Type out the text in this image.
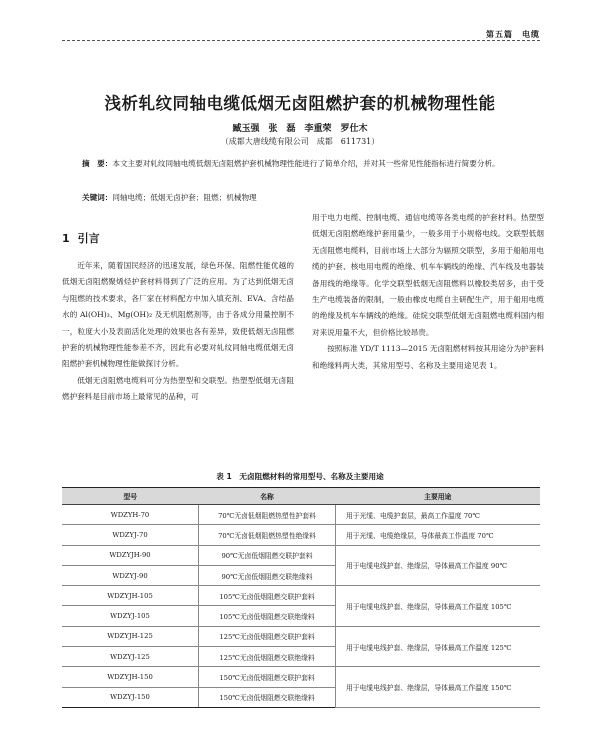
第五篇　电缆
浅析轧纹同轴电缆低烟无卤阻燃护套的机械物理性能
臧玉强　张　磊　李重荣　罗仕木
（成都大唐线缆有限公司　成都　611731）
摘　要：本文主要对轧纹同轴电缆低烟无卤阻燃护套机械物理性能进行了简单介绍，并对其一些常见性能指标进行简要分析。
关键词：同轴电缆；低烟无卤护套；阻燃；机械物理
1 引言

近年来，随着国民经济的迅速发展，绿色环保、阻燃性能优越的低烟无卤阻燃聚烯烃护套材料得到了广泛的应用。为了达到低烟无卤与阻燃的技术要求，各厂家在材料配方中加入填充剂、EVA、含结晶水的 Al(OH)₃、Mg(OH)₂ 及无机阻燃剂等，由于各成分用量控制不一，粒度大小及表面活化处理的效果也各有差异，致使低烟无卤阻燃护套的机械物理性能参差不齐，因此有必要对轧纹同轴电缆低烟无卤阻燃护套机械物理性能做探讨分析。

低烟无卤阻燃电缆料可分为热塑型和交联型。热塑型低烟无卤阻燃护套料是目前市场上最常见的品种，可

用于电力电缆、控制电缆、通信电缆等各类电缆的护套材料。热塑型低烟无卤阻燃绝缘护套用量少，一般多用于小规格电线。交联型低烟无卤阻燃电缆料，目前市场上大部分为辐照交联型，多用于船舶用电缆的护套、核电用电缆的绝缘、机车车辆线的绝缘、汽车线及电器装备用线的绝缘等。化学交联型低烟无卤阻燃料以橡胶类居多，由于受生产电缆装备的限制，一般由橡皮电缆自主研配生产，用于船用电缆的绝缘及机车车辆线的绝缘。硅烷交联型低烟无卤阻燃电缆料国内相对来说用量不大，但价格比较昂贵。

按照标准 YD/T 1113—2015 无卤阻燃材料按其用途分为护套料和绝缘料两大类，其常用型号、名称及主要用途见表 1。

表 1　无卤阻燃材料的常用型号、名称及主要用途
型号	名称	主要用途
WDZYH-70	70℃无卤低烟阻燃热塑性护套料	用于光缆、电缆护套层，最高工作温度 70℃
WDZYJ-70	70℃无卤低烟阻燃热塑性绝缘料	用于光缆、电缆绝缘层，导体最高工作温度 70℃
WDZYJH-90	90℃无卤低烟阻燃交联护套料	用于电缆电线护套、绝缘层，导体最高工作温度 90℃
WDZYJ-90	90℃无卤低烟阻燃交联绝缘料	
WDZYJH-105	105℃无卤低烟阻燃交联护套料	用于电缆电线护套、绝缘层，导体最高工作温度 105℃
WDZYJ-105	105℃无卤低烟阻燃交联绝缘料	
WDZYJH-125	125℃无卤低烟阻燃交联护套料	用于电缆电线护套、绝缘层，导体最高工作温度 125℃
WDZYJ-125	125℃无卤低烟阻燃交联绝缘料	
WDZYJH-150	150℃无卤低烟阻燃交联护套料	用于电缆电线护套、绝缘层，导体最高工作温度 150℃
WDZYJ-150	150℃无卤低烟阻燃交联绝缘料	
